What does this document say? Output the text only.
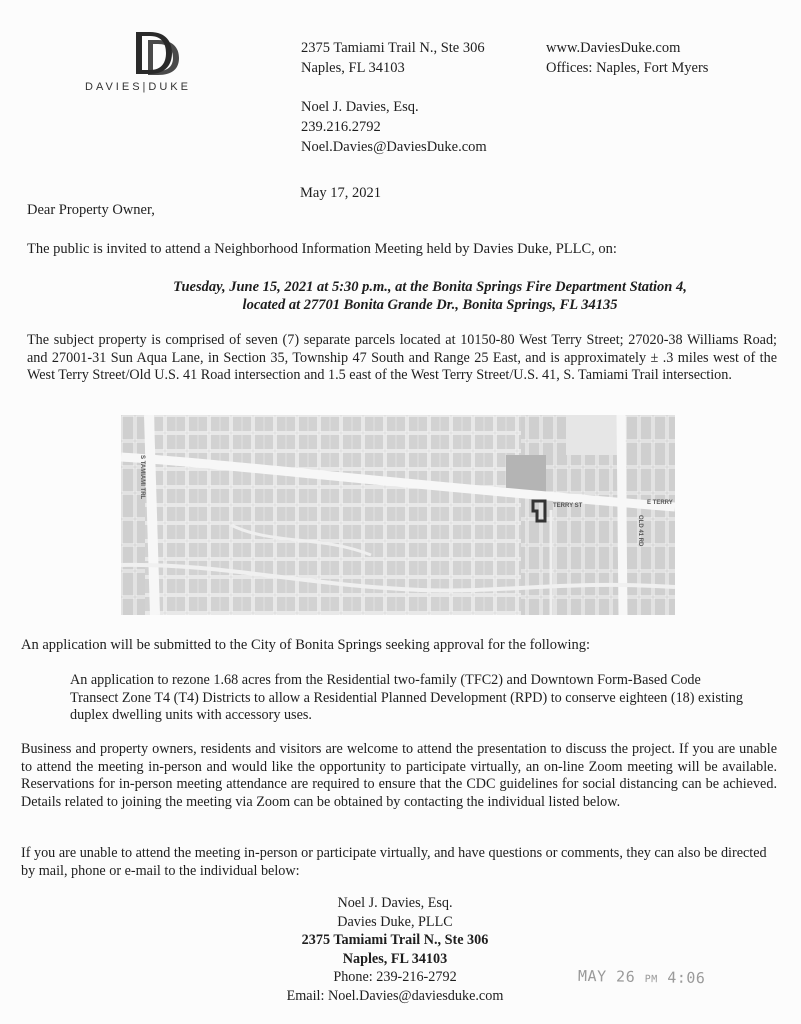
DAVIES|DUKE
2375 Tamiami Trail N., Ste 306
Naples, FL 34103
www.DaviesDuke.com
Offices: Naples, Fort Myers
Noel J. Davies, Esq.
239.216.2792
Noel.Davies@DaviesDuke.com
May 17, 2021
Dear Property Owner,
The public is invited to attend a Neighborhood Information Meeting held by Davies Duke, PLLC, on:
Tuesday, June 15, 2021 at 5:30 p.m., at the Bonita Springs Fire Department Station 4,
located at 27701 Bonita Grande Dr., Bonita Springs, FL 34135
The subject property is comprised of seven (7) separate parcels located at 10150-80 West Terry Street; 27020-38 Williams Road; and 27001-31 Sun Aqua Lane, in Section 35, Township 47 South and Range 25 East, and is approximately ± .3 miles west of the West Terry Street/Old U.S. 41 Road intersection and 1.5 east of the West Terry Street/U.S. 41, S. Tamiami Trail intersection.
S TAMIAMI TRL
TERRY ST	E TERRY
OLD 41 RD
An application will be submitted to the City of Bonita Springs seeking approval for the following:
An application to rezone 1.68 acres from the Residential two-family (TFC2) and Downtown Form-Based Code Transect Zone T4 (T4) Districts to allow a Residential Planned Development (RPD) to conserve eighteen (18) existing duplex dwelling units with accessory uses.
Business and property owners, residents and visitors are welcome to attend the presentation to discuss the project. If you are unable to attend the meeting in-person and would like the opportunity to participate virtually, an on-line Zoom meeting will be available. Reservations for in-person meeting attendance are required to ensure that the CDC guidelines for social distancing can be achieved. Details related to joining the meeting via Zoom can be obtained by contacting the individual listed below.
If you are unable to attend the meeting in-person or participate virtually, and have questions or comments, they can also be directed by mail, phone or e-mail to the individual below:
Noel J. Davies, Esq.
Davies Duke, PLLC
2375 Tamiami Trail N., Ste 306
Naples, FL 34103
Phone: 239-216-2792
Email: Noel.Davies@daviesduke.com
MAY 26 PM 4:06
